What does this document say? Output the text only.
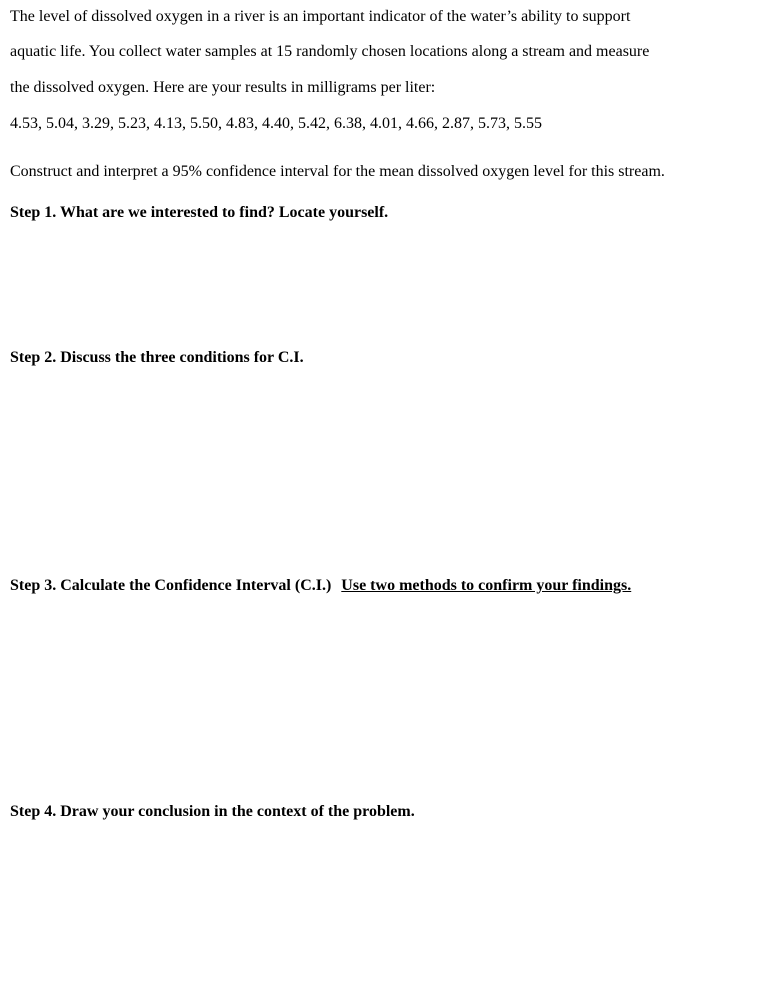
The level of dissolved oxygen in a river is an important indicator of the water’s ability to support
aquatic life. You collect water samples at 15 randomly chosen locations along a stream and measure
the dissolved oxygen. Here are your results in milligrams per liter:
4.53, 5.04, 3.29, 5.23, 4.13, 5.50, 4.83, 4.40, 5.42, 6.38, 4.01, 4.66, 2.87, 5.73, 5.55
Construct and interpret a 95% confidence interval for the mean dissolved oxygen level for this stream.
Step 1. What are we interested to find? Locate yourself.
Step 2. Discuss the three conditions for C.I.
Step 3. Calculate the Confidence Interval (C.I.) Use two methods to confirm your findings.
Step 4. Draw your conclusion in the context of the problem.
